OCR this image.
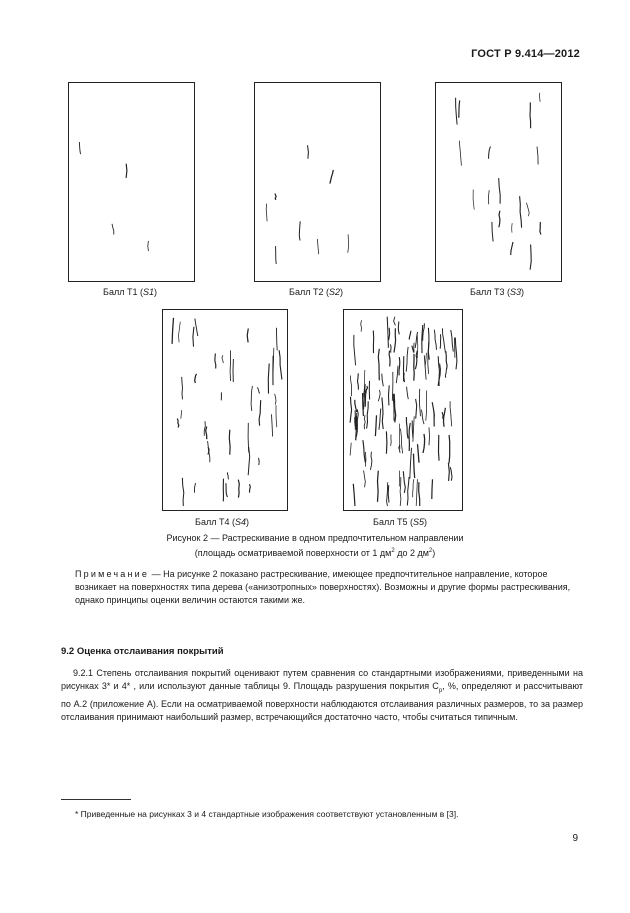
ГОСТ Р 9.414—2012
Балл Т1 (S1)	Балл Т2 (S2)	Балл Т3 (S3)
Балл Т4 (S4)	Балл Т5 (S5)
Рисунок 2 — Растрескивание в одном предпочтительном направлении
(площадь осматриваемой поверхности от 1 $дм^2$ до 2 $дм^2$)
Примечание — На рисунке 2 показано растрескивание, имеющее предпочтительное направление, которое возникает на поверхностях типа дерева («анизотропных» поверхностях). Возможны и другие формы растрескивания, однако принципы оценки величин остаются такими же.
9.2 Оценка отслаивания покрытий
9.2.1 Степень отслаивания покрытий оценивают путем сравнения со стандартными изображениями, приведенными на рисунках 3* и 4* , или используют данные таблицы 9. Площадь разрушения покрытия $С_р$, %, определяют и рассчитывают по А.2 (приложение А). Если на осматриваемой поверхности наблюдаются отслаивания различных размеров, то за размер отслаивания принимают наибольший размер, встречающийся достаточно часто, чтобы считаться типичным.
* Приведенные на рисунках 3 и 4 стандартные изображения соответствуют установленным в [3].
9
